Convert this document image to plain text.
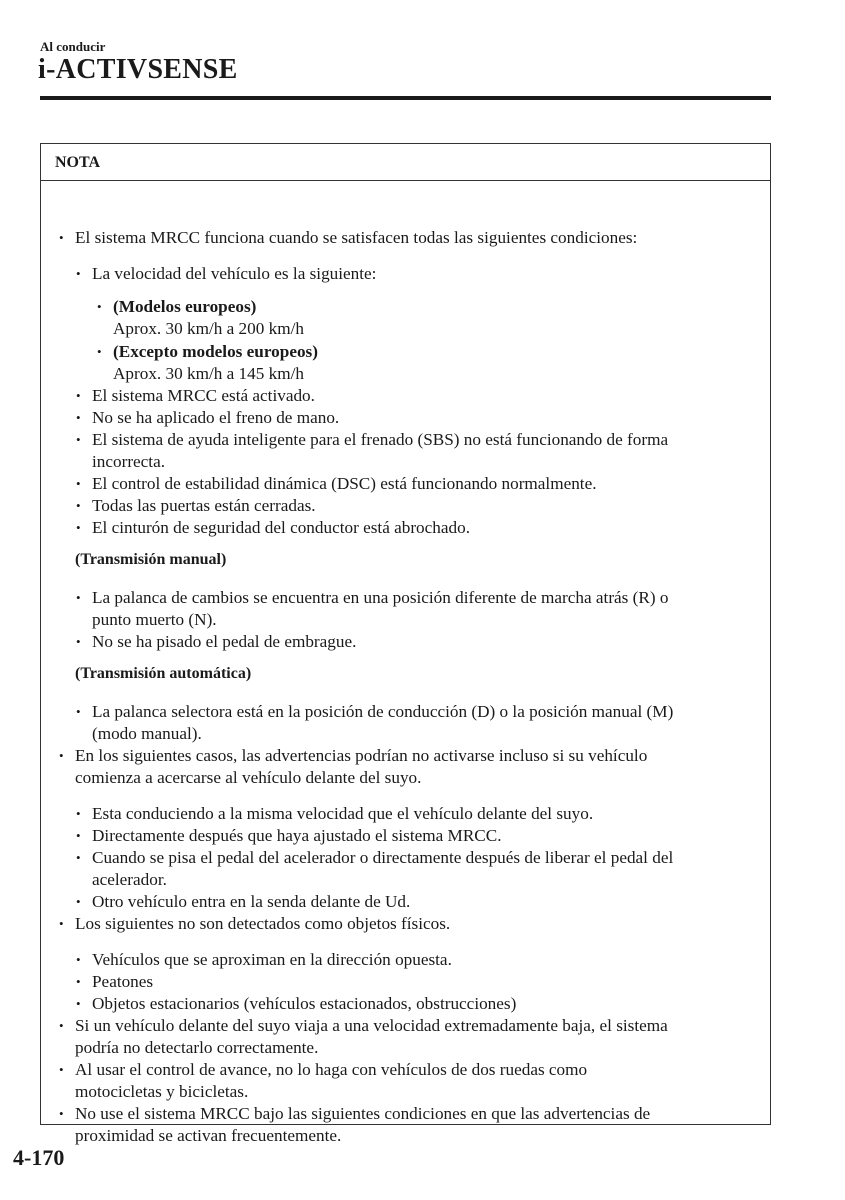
Al conducir
i-ACTIVSENSE
NOTA
• El sistema MRCC funciona cuando se satisfacen todas las siguientes condiciones:
• La velocidad del vehículo es la siguiente:
• (Modelos europeos)
Aprox. 30 km/h a 200 km/h
• (Excepto modelos europeos)
Aprox. 30 km/h a 145 km/h
• El sistema MRCC está activado.
• No se ha aplicado el freno de mano.
• El sistema de ayuda inteligente para el frenado (SBS) no está funcionando de forma
incorrecta.
• El control de estabilidad dinámica (DSC) está funcionando normalmente.
• Todas las puertas están cerradas.
• El cinturón de seguridad del conductor está abrochado.
(Transmisión manual)
• La palanca de cambios se encuentra en una posición diferente de marcha atrás (R) o
punto muerto (N).
• No se ha pisado el pedal de embrague.
(Transmisión automática)
• La palanca selectora está en la posición de conducción (D) o la posición manual (M)
(modo manual).
• En los siguientes casos, las advertencias podrían no activarse incluso si su vehículo
comienza a acercarse al vehículo delante del suyo.
• Esta conduciendo a la misma velocidad que el vehículo delante del suyo.
• Directamente después que haya ajustado el sistema MRCC.
• Cuando se pisa el pedal del acelerador o directamente después de liberar el pedal del
acelerador.
• Otro vehículo entra en la senda delante de Ud.
• Los siguientes no son detectados como objetos físicos.
• Vehículos que se aproximan en la dirección opuesta.
• Peatones
• Objetos estacionarios (vehículos estacionados, obstrucciones)
• Si un vehículo delante del suyo viaja a una velocidad extremadamente baja, el sistema
podría no detectarlo correctamente.
• Al usar el control de avance, no lo haga con vehículos de dos ruedas como
motocicletas y bicicletas.
• No use el sistema MRCC bajo las siguientes condiciones en que las advertencias de
proximidad se activan frecuentemente.
4-170
